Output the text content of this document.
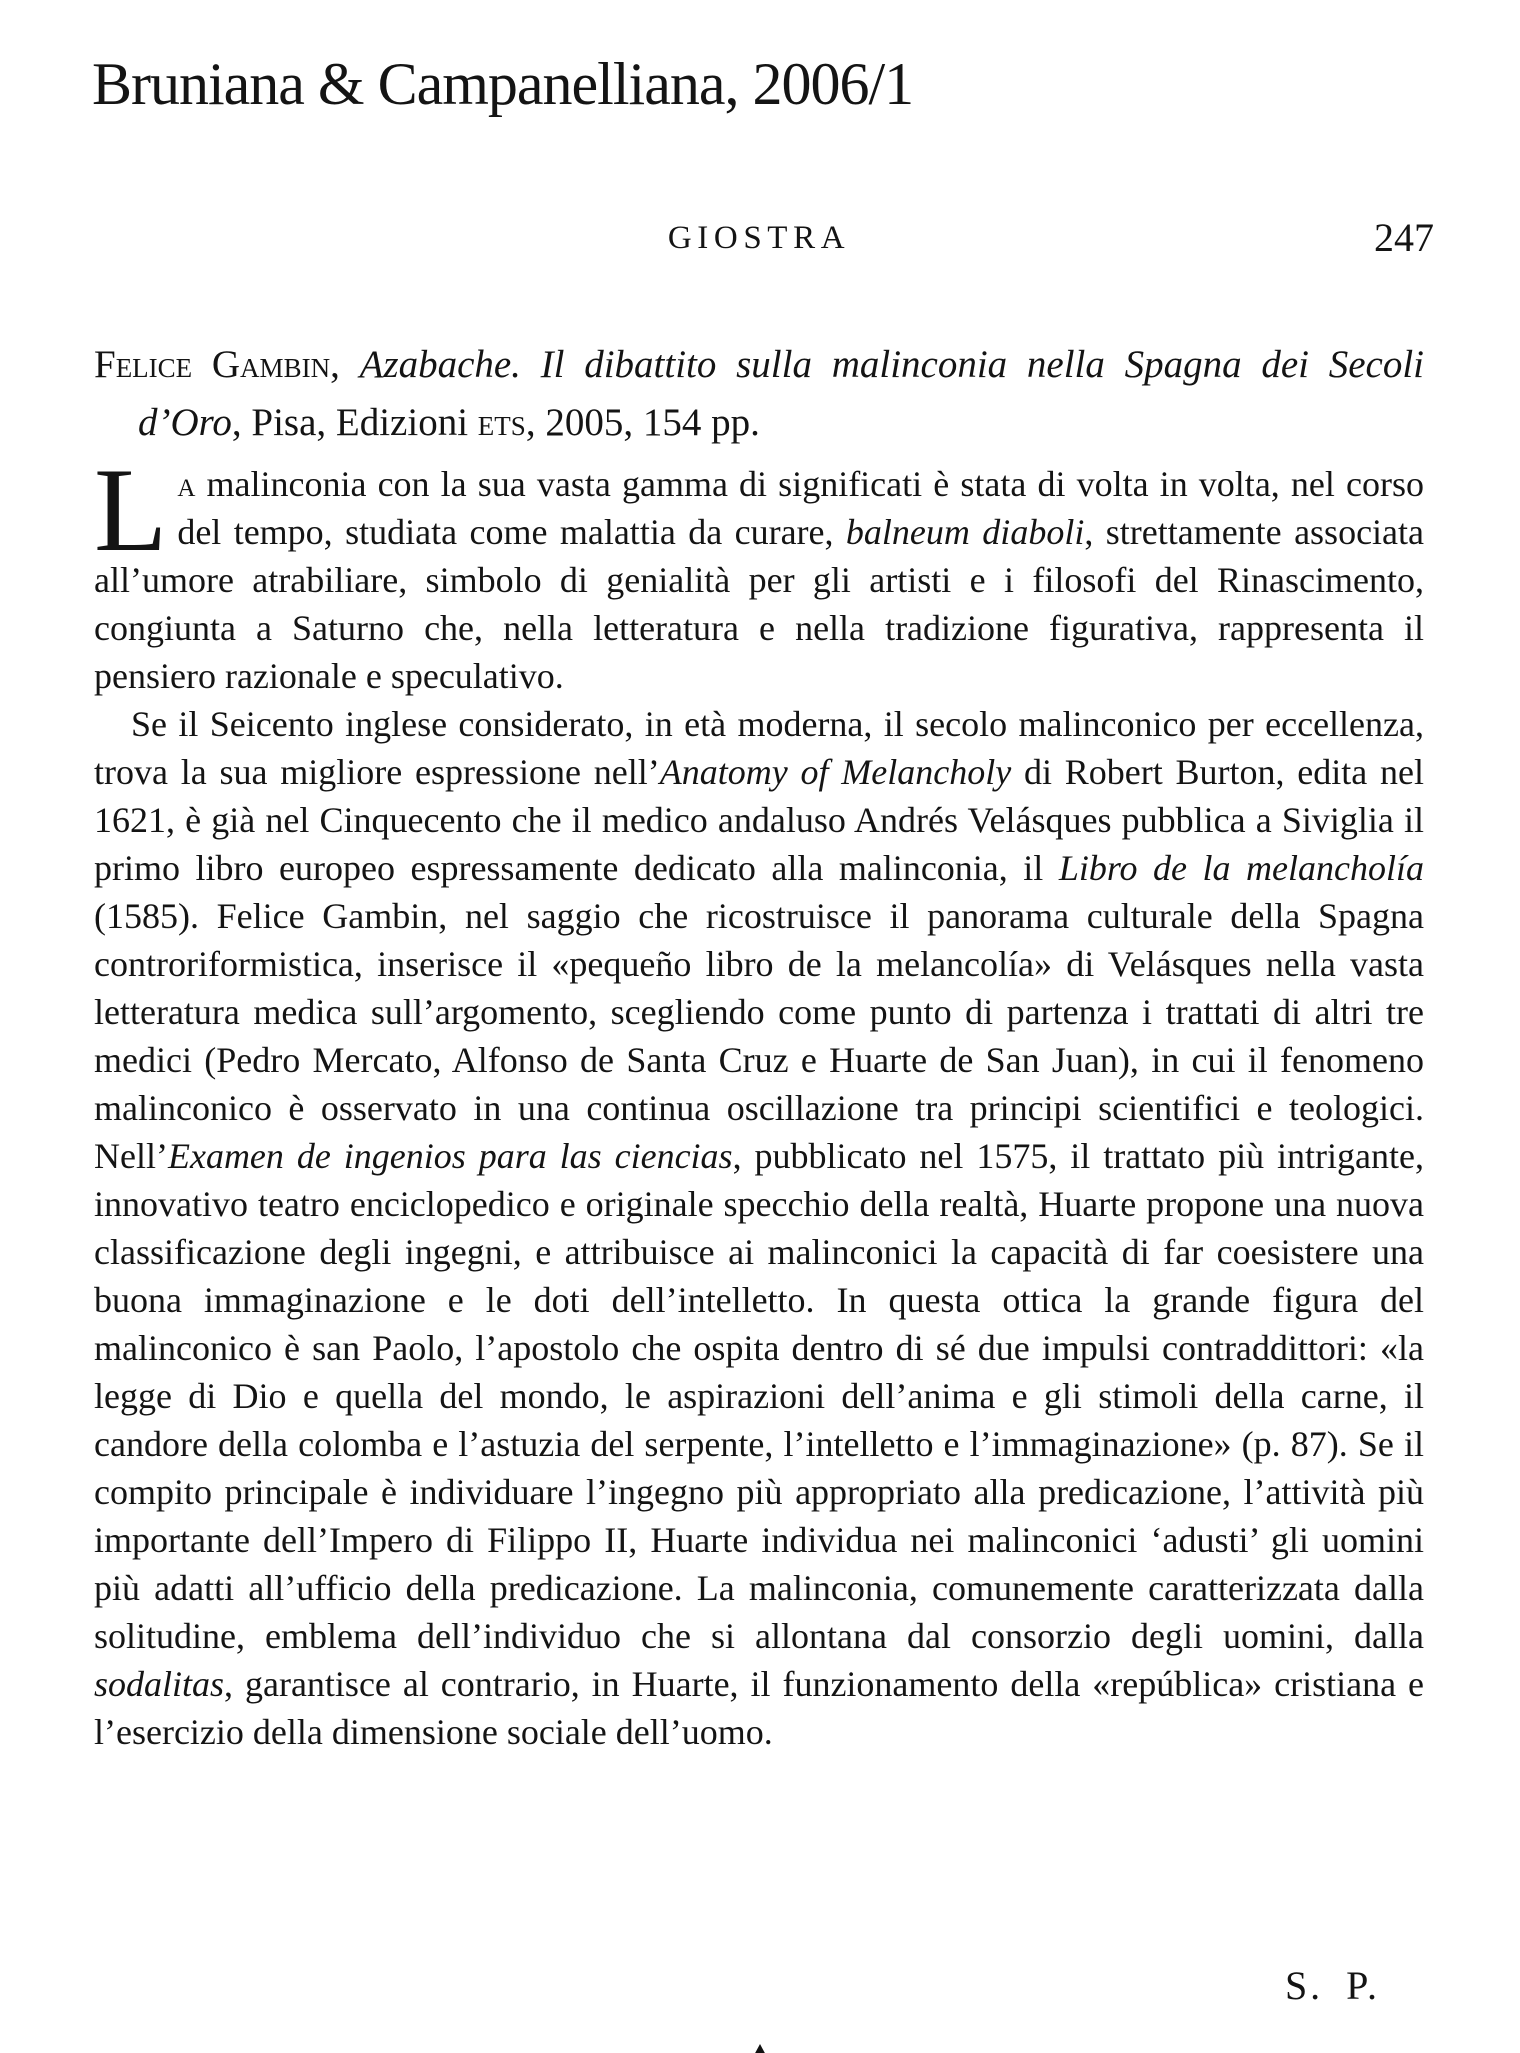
Bruniana & Campanelliana, 2006/1
GIOSTRA	247
Felice Gambin, Azabache. Il dibattito sulla malinconia nella Spagna dei Secoli d’Oro, Pisa, Edizioni ets, 2005, 154 pp.

La malinconia con la sua vasta gamma di significati è stata di volta in volta, nel corso del tempo, studiata come malattia da curare, balneum diaboli, strettamente associata all’umore atrabiliare, simbolo di genialità per gli artisti e i filosofi del Rinascimento, congiunta a Saturno che, nella letteratura e nella tradizione figurativa, rappresenta il pensiero razionale e speculativo.

Se il Seicento inglese considerato, in età moderna, il secolo malinconico per eccellenza, trova la sua migliore espressione nell’Anatomy of Melancholy di Robert Burton, edita nel 1621, è già nel Cinquecento che il medico andaluso Andrés Velásques pubblica a Siviglia il primo libro europeo espressamente dedicato alla malinconia, il Libro de la melancholía (1585). Felice Gambin, nel saggio che ricostruisce il panorama culturale della Spagna controriformistica, inserisce il «pequeño libro de la melancolía» di Velásques nella vasta letteratura medica sull’argomento, scegliendo come punto di partenza i trattati di altri tre medici (Pedro Mercato, Alfonso de Santa Cruz e Huarte de San Juan), in cui il fenomeno malinconico è osservato in una continua oscillazione tra principi scientifici e teologici. Nell’Examen de ingenios para las ciencias, pubblicato nel 1575, il trattato più intrigante, innovativo teatro enciclopedico e originale specchio della realtà, Huarte propone una nuova classificazione degli ingegni, e attribuisce ai malinconici la capacità di far coesistere una buona immaginazione e le doti dell’intelletto. In questa ottica la grande figura del malinconico è san Paolo, l’apostolo che ospita dentro di sé due impulsi contraddittori: «la legge di Dio e quella del mondo, le aspirazioni dell’anima e gli stimoli della carne, il candore della colomba e l’astuzia del serpente, l’intelletto e l’immaginazione» (p. 87). Se il compito principale è individuare l’ingegno più appropriato alla predicazione, l’attività più importante dell’Impero di Filippo II, Huarte individua nei malinconici ‘adusti’ gli uomini più adatti all’ufficio della predicazione. La malinconia, comunemente caratterizzata dalla solitudine, emblema dell’individuo che si allontana dal consorzio degli uomini, dalla sodalitas, garantisce al contrario, in Huarte, il funzionamento della «república» cristiana e l’esercizio della dimensione sociale dell’uomo.

S. P.
